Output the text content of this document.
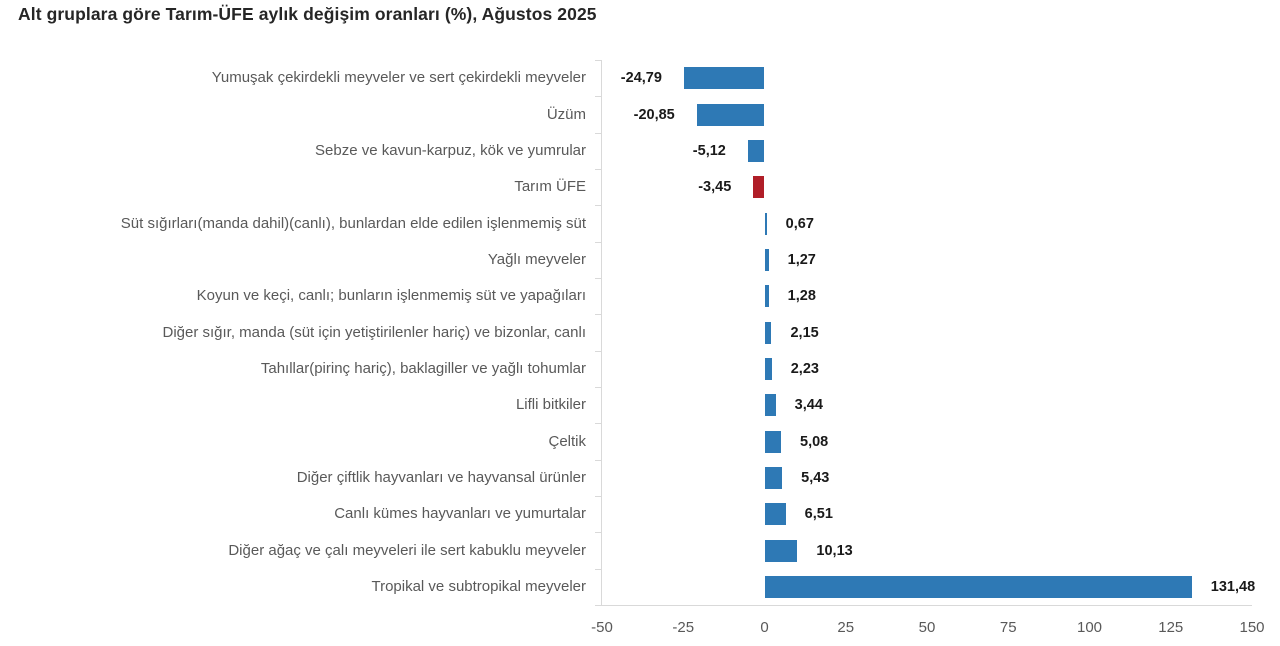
Alt gruplara göre Tarım-ÜFE aylık değişim oranları (%), Ağustos 2025
Yumuşak çekirdekli meyveler ve sert çekirdekli meyveler	-24,79
Üzüm	-20,85
Sebze ve kavun-karpuz, kök ve yumrular	-5,12
Tarım ÜFE	-3,45
Süt sığırları(manda dahil)(canlı), bunlardan elde edilen işlenmemiş süt	0,67
Yağlı meyveler	1,27
Koyun ve keçi, canlı; bunların işlenmemiş süt ve yapağıları	1,28
Diğer sığır, manda (süt için yetiştirilenler hariç) ve bizonlar, canlı	2,15
Tahıllar(pirinç hariç), baklagiller ve yağlı tohumlar	2,23
Lifli bitkiler	3,44
Çeltik	5,08
Diğer çiftlik hayvanları ve hayvansal ürünler	5,43
Canlı kümes hayvanları ve yumurtalar	6,51
Diğer ağaç ve çalı meyveleri ile sert kabuklu meyveler	10,13
Tropikal ve subtropikal meyveler	131,48
-50	-25	0	25	50	75	100	125	150
